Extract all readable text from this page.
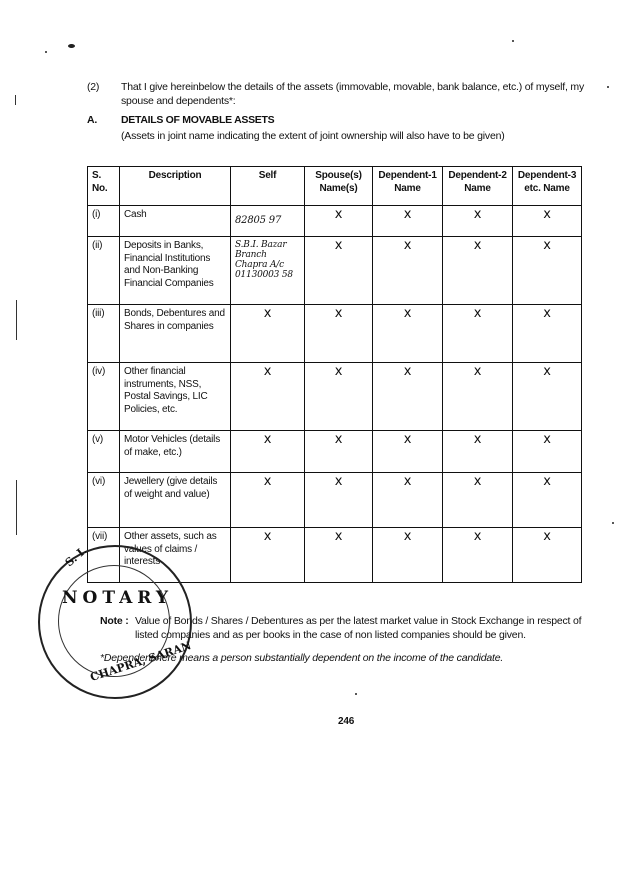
(2) That I give hereinbelow the details of the assets (immovable, movable, bank balance, etc.) of myself, my spouse and dependents*:
A. DETAILS OF MOVABLE ASSETS
(Assets in joint name indicating the extent of joint ownership will also have to be given)
S. No.	Description	Self	Spouse(s) Name(s)	Dependent-1 Name	Dependent-2 Name	Dependent-3 etc. Name
(i)	Cash	82805 97	x	x	x	x
(ii)	Deposits in Banks, Financial Institutions and Non-Banking Financial Companies	S.B.I. Bazar Branch Chapra A/c 01130003 58	x	x	x	x
(iii)	Bonds, Debentures and Shares in companies	x	x	x	x	x
(iv)	Other financial instruments, NSS, Postal Savings, LIC Policies, etc.	x	x	x	x	x
(v)	Motor Vehicles (details of make, etc.)	x	x	x	x	x
(vi)	Jewellery (give details of weight and value)	x	x	x	x	x
(vii)	Other assets, such as values of claims / interests	x	x	x	x	x
Note : Value of Bonds / Shares / Debentures as per the latest market value in Stock Exchange in respect of listed companies and as per books in the case of non listed companies should be given.
*Dependent here means a person substantially dependent on the income of the candidate.
246
S. I.
NOTARY
CHAPRA, SARAN
